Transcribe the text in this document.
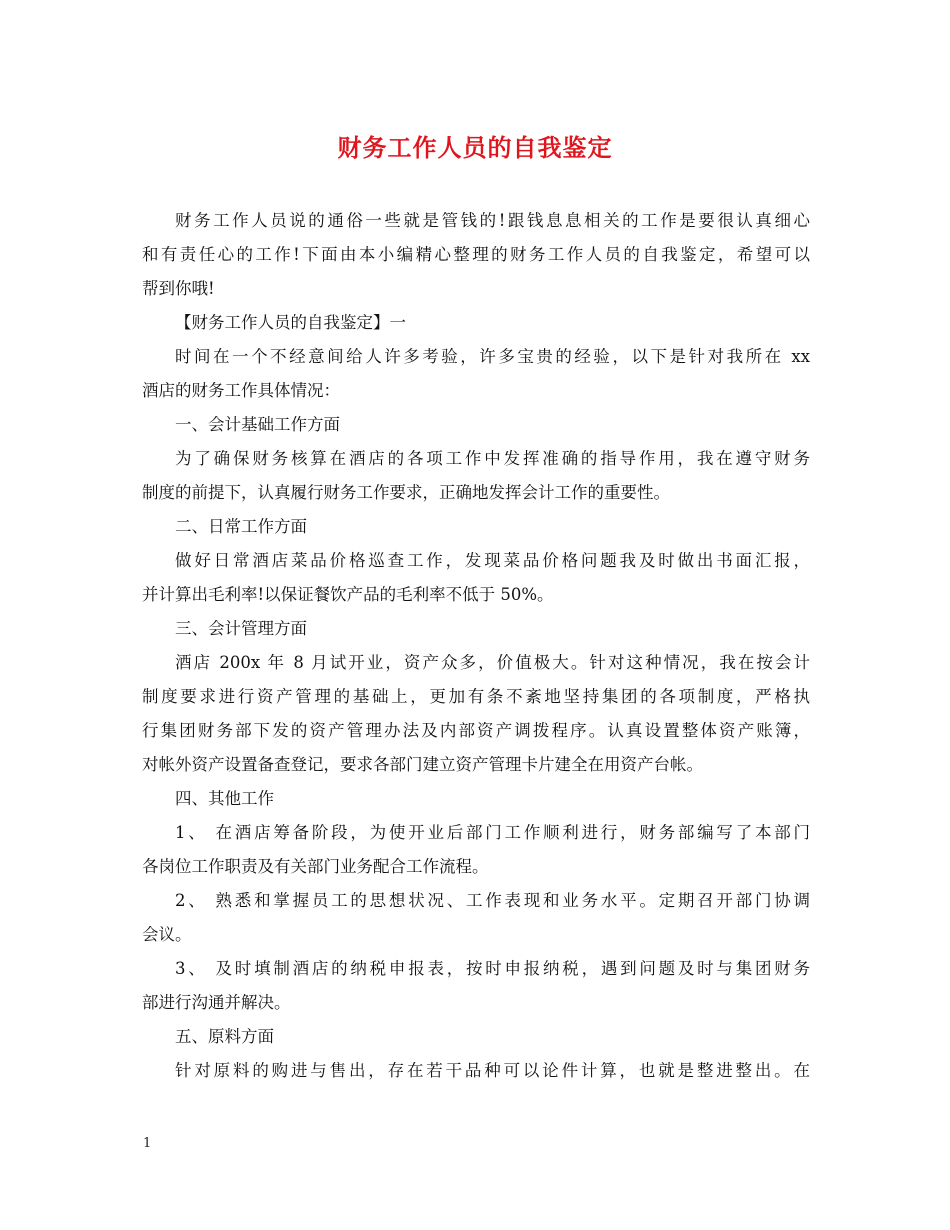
财务工作人员的自我鉴定
财务工作人员说的通俗一些就是管钱的!跟钱息息相关的工作是要很认真细心
和有责任心的工作!下面由本小编精心整理的财务工作人员的自我鉴定，希望可以
帮到你哦!
【财务工作人员的自我鉴定】一
时间在一个不经意间给人许多考验，许多宝贵的经验，以下是针对我所在 xx
酒店的财务工作具体情况：
一、会计基础工作方面
为了确保财务核算在酒店的各项工作中发挥准确的指导作用，我在遵守财务
制度的前提下，认真履行财务工作要求，正确地发挥会计工作的重要性。
二、日常工作方面
做好日常酒店菜品价格巡查工作，发现菜品价格问题我及时做出书面汇报，
并计算出毛利率!以保证餐饮产品的毛利率不低于 50%。
三、会计管理方面
酒店 200x 年 8 月试开业，资产众多，价值极大。针对这种情况，我在按会计
制度要求进行资产管理的基础上，更加有条不紊地坚持集团的各项制度，严格执
行集团财务部下发的资产管理办法及内部资产调拨程序。认真设置整体资产账簿，
对帐外资产设置备查登记，要求各部门建立资产管理卡片建全在用资产台帐。
四、其他工作
1、 在酒店筹备阶段，为使开业后部门工作顺利进行，财务部编写了本部门
各岗位工作职责及有关部门业务配合工作流程。
2、 熟悉和掌握员工的思想状况、工作表现和业务水平。定期召开部门协调
会议。
3、 及时填制酒店的纳税申报表，按时申报纳税，遇到问题及时与集团财务
部进行沟通并解决。
五、原料方面
针对原料的购进与售出，存在若干品种可以论件计算，也就是整进整出。在
1
